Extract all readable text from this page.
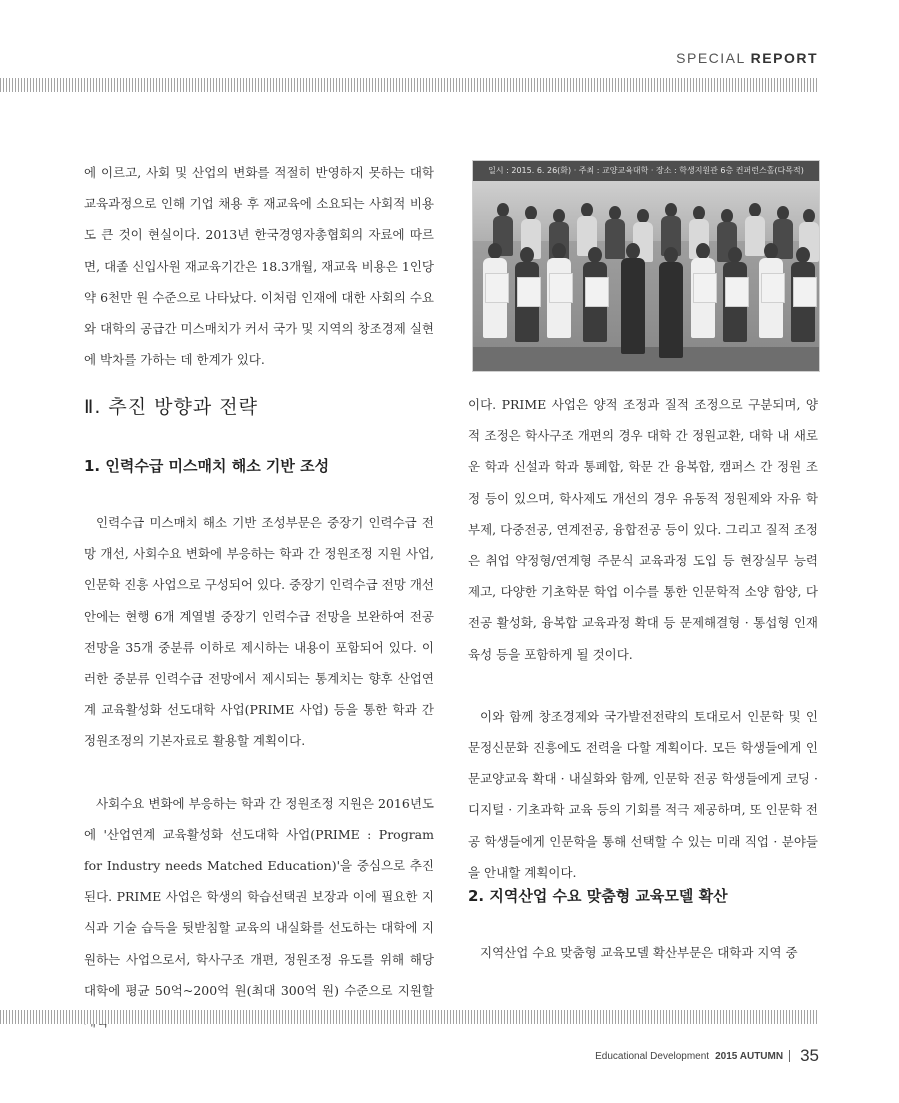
SPECIAL REPORT

에 이르고, 사회 및 산업의 변화를 적절히 반영하지 못하는 대학 교육과정으로 인해 기업 채용 후 재교육에 소요되는 사회적 비용도 큰 것이 현실이다. 2013년 한국경영자총협회의 자료에 따르면, 대졸 신입사원 재교육기간은 18.3개월, 재교육 비용은 1인당 약 6천만 원 수준으로 나타났다. 이처럼 인재에 대한 사회의 수요와 대학의 공급간 미스매치가 커서 국가 및 지역의 창조경제 실현에 박차를 가하는 데 한계가 있다.

Ⅱ. 추진 방향과 전략
1. 인력수급 미스매치 해소 기반 조성

인력수급 미스매치 해소 기반 조성부문은 중장기 인력수급 전망 개선, 사회수요 변화에 부응하는 학과 간 정원조정 지원 사업, 인문학 진흥 사업으로 구성되어 있다. 중장기 인력수급 전망 개선안에는 현행 6개 계열별 중장기 인력수급 전망을 보완하여 전공 전망을 35개 중분류 이하로 제시하는 내용이 포함되어 있다. 이러한 중분류 인력수급 전망에서 제시되는 통계치는 향후 산업연계 교육활성화 선도대학 사업(PRIME 사업) 등을 통한 학과 간 정원조정의 기본자료로 활용할 계획이다.

사회수요 변화에 부응하는 학과 간 정원조정 지원은 2016년도에 '산업연계 교육활성화 선도대학 사업(PRIME : Program for Industry needs Matched Education)'을 중심으로 추진된다. PRIME 사업은 학생의 학습선택권 보장과 이에 필요한 지식과 기술 습득을 뒷받침할 교육의 내실화를 선도하는 대학에 지원하는 사업으로서, 학사구조 개편, 정원조정 유도를 위해 해당 대학에 평균 50억~200억 원(최대 300억 원) 수준으로 지원할

일시 : 2015. 6. 26(화) · 주최 : 교양교육대학 · 장소 : 학생지원관 6층 컨퍼런스홀(다목적)

이다. PRIME 사업은 양적 조정과 질적 조정으로 구분되며, 양적 조정은 학사구조 개편의 경우 대학 간 정원교환, 대학 내 새로운 학과 신설과 학과 통폐합, 학문 간 융복합, 캠퍼스 간 정원 조정 등이 있으며, 학사제도 개선의 경우 유동적 정원제와 자유 학부제, 다중전공, 연계전공, 융합전공 등이 있다. 그리고 질적 조정은 취업 약정형/연계형 주문식 교육과정 도입 등 현장실무 능력 제고, 다양한 기초학문 학업 이수를 통한 인문학적 소양 함양, 다전공 활성화, 융복합 교육과정 확대 등 문제해결형 · 통섭형 인재 육성 등을 포함하게 될 것이다.

이와 함께 창조경제와 국가발전전략의 토대로서 인문학 및 인문정신문화 진흥에도 전력을 다할 계획이다. 모든 학생들에게 인문교양교육 확대 · 내실화와 함께, 인문학 전공 학생들에게 코딩 · 디지털 · 기초과학 교육 등의 기회를 적극 제공하며, 또 인문학 전공 학생들에게 인문학을 통해 선택할 수 있는 미래 직업 · 분야들을 안내할 계획이다.

2. 지역산업 수요 맞춤형 교육모델 확산

지역산업 수요 맞춤형 교육모델 확산부문은 대학과 지역 중

Educational Development 2015 AUTUMN 35
